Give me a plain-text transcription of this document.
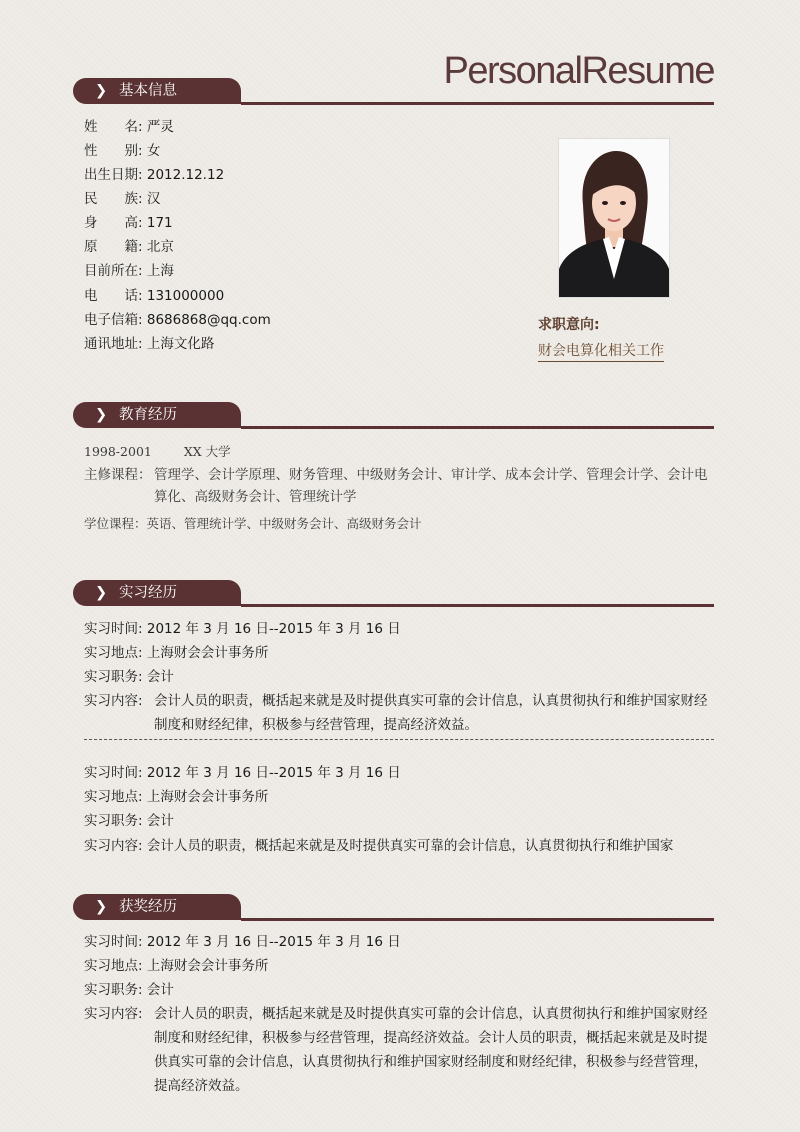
PersonalResume
❯ 基本信息
姓　　名: 严灵
性　　别: 女
出生日期: 2012.12.12
民　　族: 汉
身　　高: 171
原　　籍: 北京
目前所在: 上海
电　　话: 131000000
电子信箱: 8686868@qq.com
通讯地址: 上海文化路
求职意向:
财会电算化相关工作
❯ 教育经历
1998-2001	XX 大学
主修课程： 管理学、会计学原理、财务管理、中级财务会计、审计学、成本会计学、管理会计学、会计电算化、高级财务会计、管理统计学
学位课程：英语、管理统计学、中级财务会计、高级财务会计
❯ 实习经历
实习时间: 2012 年 3 月 16 日--2015 年 3 月 16 日
实习地点: 上海财会会计事务所
实习职务: 会计
实习内容: 会计人员的职责，概括起来就是及时提供真实可靠的会计信息，认真贯彻执行和维护国家财经制度和财经纪律，积极参与经营管理，提高经济效益。
实习时间: 2012 年 3 月 16 日--2015 年 3 月 16 日
实习地点: 上海财会会计事务所
实习职务: 会计
实习内容: 会计人员的职责，概括起来就是及时提供真实可靠的会计信息，认真贯彻执行和维护国家
❯ 获奖经历
实习时间: 2012 年 3 月 16 日--2015 年 3 月 16 日
实习地点: 上海财会会计事务所
实习职务: 会计
实习内容: 会计人员的职责，概括起来就是及时提供真实可靠的会计信息，认真贯彻执行和维护国家财经制度和财经纪律，积极参与经营管理，提高经济效益。会计人员的职责，概括起来就是及时提供真实可靠的会计信息，认真贯彻执行和维护国家财经制度和财经纪律，积极参与经营管理，提高经济效益。
